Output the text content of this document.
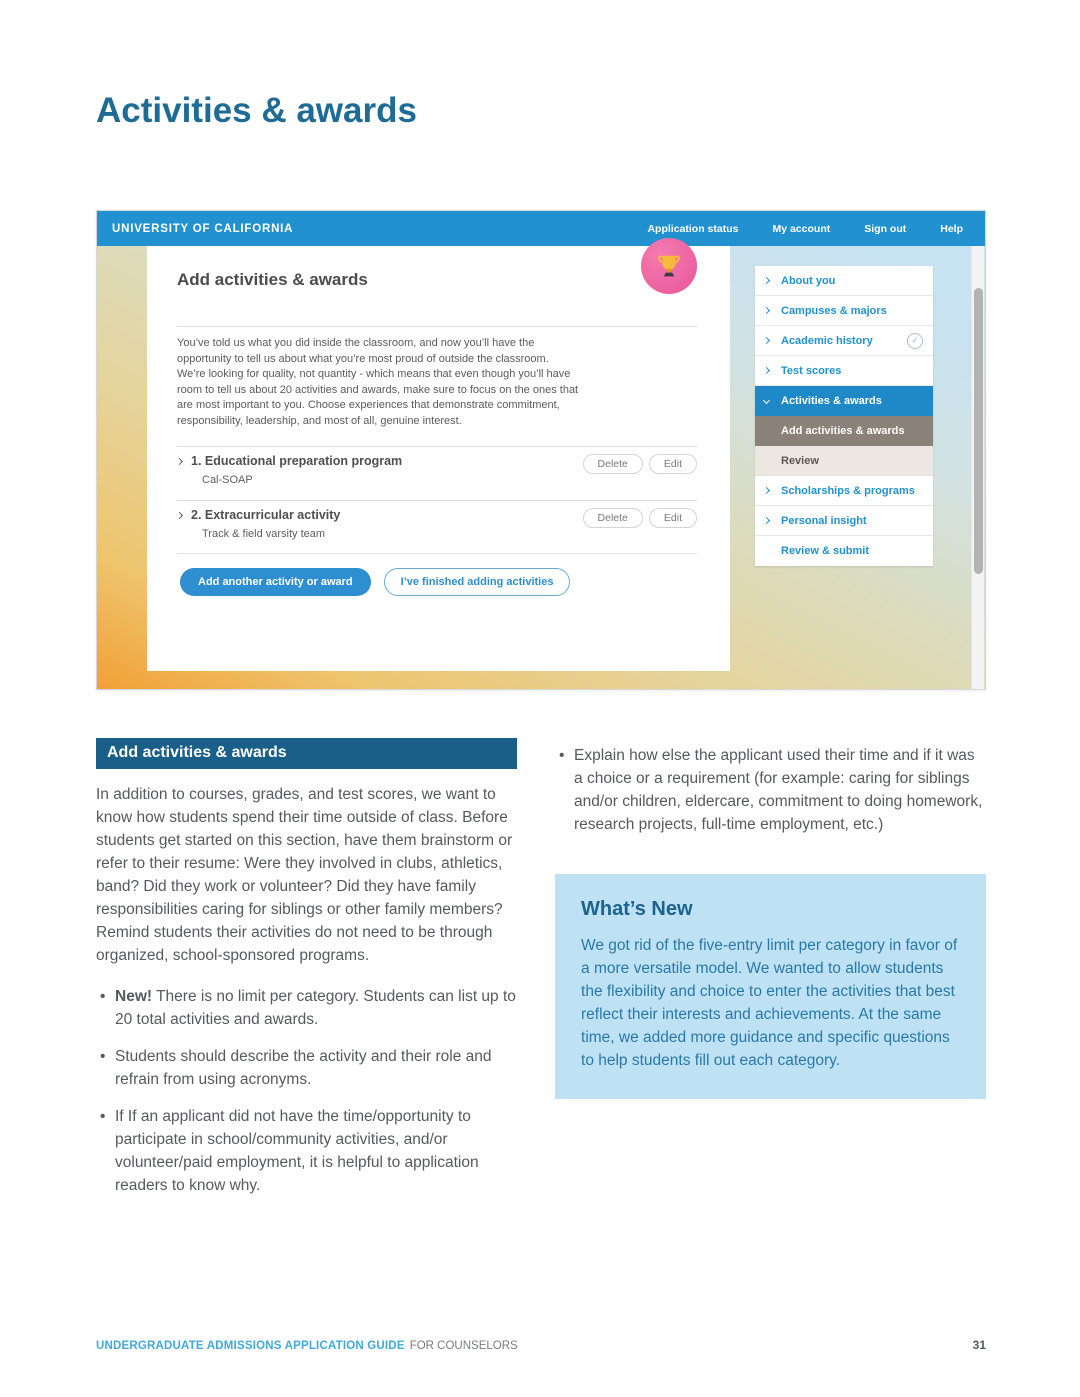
Activities & awards
UNIVERSITY OF CALIFORNIA	Application status	My account	Sign out	Help
Add activities & awards

You’ve told us what you did inside the classroom, and now you’ll have the opportunity to tell us about what you’re most proud of outside the classroom. We’re looking for quality, not quantity - which means that even though you’ll have room to tell us about 20 activities and awards, make sure to focus on the ones that are most important to you. Choose experiences that demonstrate commitment, responsibility, leadership, and most of all, genuine interest.

1. Educational preparation program
Cal-SOAP
Delete	Edit
2. Extracurricular activity
Track & field varsity team
Delete	Edit
Add another activity or award	I’ve finished adding activities
About you
Campuses & majors
Academic history
✓
Test scores
Activities & awards
Add activities & awards
Review
Scholarships & programs
Personal insight
Review & submit
Add activities & awards

In addition to courses, grades, and test scores, we want to know how students spend their time outside of class. Before students get started on this section, have them brainstorm or refer to their resume: Were they involved in clubs, athletics, band? Did they work or volunteer? Did they have family responsibilities caring for siblings or other family members? Remind students their activities do not need to be through organized, school-sponsored programs.

• New! There is no limit per category. Students can list up to 20 total activities and awards.
• Students should describe the activity and their role and refrain from using acronyms.
• If If an applicant did not have the time/opportunity to participate in school/community activities, and/or volunteer/paid employment, it is helpful to application readers to know why.
• Explain how else the applicant used their time and if it was a choice or a requirement (for example: caring for siblings and/or children, eldercare, commitment to doing homework, research projects, full-time employment, etc.)
What’s New

We got rid of the five-entry limit per category in favor of a more versatile model. We wanted to allow students the flexibility and choice to enter the activities that best reflect their interests and achievements. At the same time, we added more guidance and specific questions to help students fill out each category.

UNDERGRADUATE ADMISSIONS APPLICATION GUIDE FOR COUNSELORS	31
